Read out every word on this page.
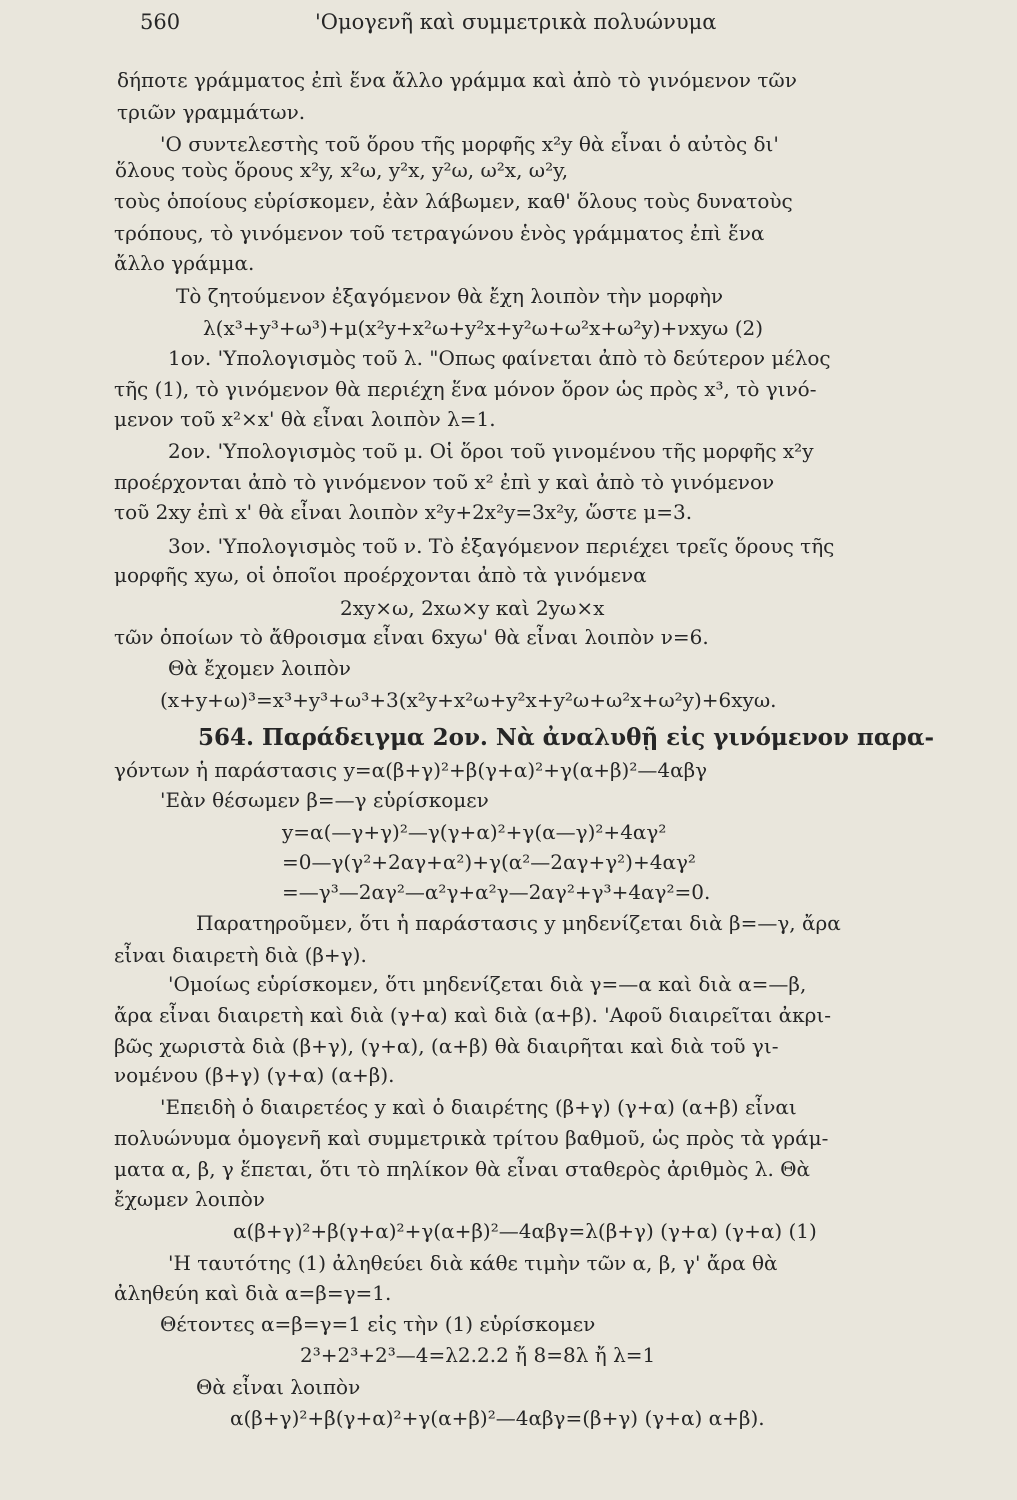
560	'Ομογενῆ καὶ συμμετρικὰ πολυώνυμα
δήποτε γράμματος ἐπὶ ἕνα ἄλλο γράμμα καὶ ἀπὸ τὸ γινόμενον τῶν
τριῶν γραμμάτων.
'Ο συντελεστὴς τοῦ ὅρου τῆς μορφῆς x²y θὰ εἶναι ὁ αὐτὸς δι'
ὅλους τοὺς ὅρους x²y, x²ω, y²x, y²ω, ω²x, ω²y,
τοὺς ὁποίους εὑρίσκομεν, ἐὰν λάβωμεν, καθ' ὅλους τοὺς δυνατοὺς
τρόπους, τὸ γινόμενον τοῦ τετραγώνου ἑνὸς γράμματος ἐπὶ ἕνα
ἄλλο γράμμα.
Τὸ ζητούμενον ἐξαγόμενον θὰ ἔχη λοιπὸν τὴν μορφὴν
λ(x³+y³+ω³)+μ(x²y+x²ω+y²x+y²ω+ω²x+ω²y)+νxyω (2)
1ον. 'Υπολογισμὸς τοῦ λ. "Οπως φαίνεται ἀπὸ τὸ δεύτερον μέλος
τῆς (1), τὸ γινόμενον θὰ περιέχη ἕνα μόνον ὅρον ὡς πρὸς x³, τὸ γινό-
μενον τοῦ x²×x' θὰ εἶναι λοιπὸν λ=1.
2ον. 'Υπολογισμὸς τοῦ μ. Οἱ ὅροι τοῦ γινομένου τῆς μορφῆς x²y
προέρχονται ἀπὸ τὸ γινόμενον τοῦ x² ἐπὶ y καὶ ἀπὸ τὸ γινόμενον
τοῦ 2xy ἐπὶ x' θὰ εἶναι λοιπὸν x²y+2x²y=3x²y, ὥστε μ=3.
3ον. 'Υπολογισμὸς τοῦ ν. Τὸ ἐξαγόμενον περιέχει τρεῖς ὅρους τῆς
μορφῆς xyω, οἱ ὁποῖοι προέρχονται ἀπὸ τὰ γινόμενα
2xy×ω, 2xω×y καὶ 2yω×x
τῶν ὁποίων τὸ ἄθροισμα εἶναι 6xyω' θὰ εἶναι λοιπὸν ν=6.
Θὰ ἔχομεν λοιπὸν
(x+y+ω)³=x³+y³+ω³+3(x²y+x²ω+y²x+y²ω+ω²x+ω²y)+6xyω.
564. Παράδειγμα 2ον. Νὰ ἀναλυθῇ εἰς γινόμενον παρα-
γόντων ἡ παράστασις y=α(β+γ)²+β(γ+α)²+γ(α+β)²—4αβγ
'Εὰν θέσωμεν β=—γ εὑρίσκομεν
y=α(—γ+γ)²—γ(γ+α)²+γ(α—γ)²+4αγ²
=0—γ(γ²+2αγ+α²)+γ(α²—2αγ+γ²)+4αγ²
=—γ³—2αγ²—α²γ+α²γ—2αγ²+γ³+4αγ²=0.
Παρατηροῦμεν, ὅτι ἡ παράστασις y μηδενίζεται διὰ β=—γ, ἄρα
εἶναι διαιρετὴ διὰ (β+γ).
'Ομοίως εὑρίσκομεν, ὅτι μηδενίζεται διὰ γ=—α καὶ διὰ α=—β,
ἄρα εἶναι διαιρετὴ καὶ διὰ (γ+α) καὶ διὰ (α+β). 'Αφοῦ διαιρεῖται ἀκρι-
βῶς χωριστὰ διὰ (β+γ), (γ+α), (α+β) θὰ διαιρῆται καὶ διὰ τοῦ γι-
νομένου (β+γ) (γ+α) (α+β).
'Επειδὴ ὁ διαιρετέος y καὶ ὁ διαιρέτης (β+γ) (γ+α) (α+β) εἶναι
πολυώνυμα ὁμογενῆ καὶ συμμετρικὰ τρίτου βαθμοῦ, ὡς πρὸς τὰ γράμ-
ματα α, β, γ ἕπεται, ὅτι τὸ πηλίκον θὰ εἶναι σταθερὸς ἀριθμὸς λ. Θὰ
ἔχωμεν λοιπὸν
α(β+γ)²+β(γ+α)²+γ(α+β)²—4αβγ=λ(β+γ) (γ+α) (γ+α) (1)
'Η ταυτότης (1) ἀληθεύει διὰ κάθε τιμὴν τῶν α, β, γ' ἄρα θὰ
ἀληθεύη καὶ διὰ α=β=γ=1.
Θέτοντες α=β=γ=1 εἰς τὴν (1) εὑρίσκομεν
2³+2³+2³—4=λ2.2.2 ἤ 8=8λ ἤ λ=1
Θὰ εἶναι λοιπὸν
α(β+γ)²+β(γ+α)²+γ(α+β)²—4αβγ=(β+γ) (γ+α) α+β).
